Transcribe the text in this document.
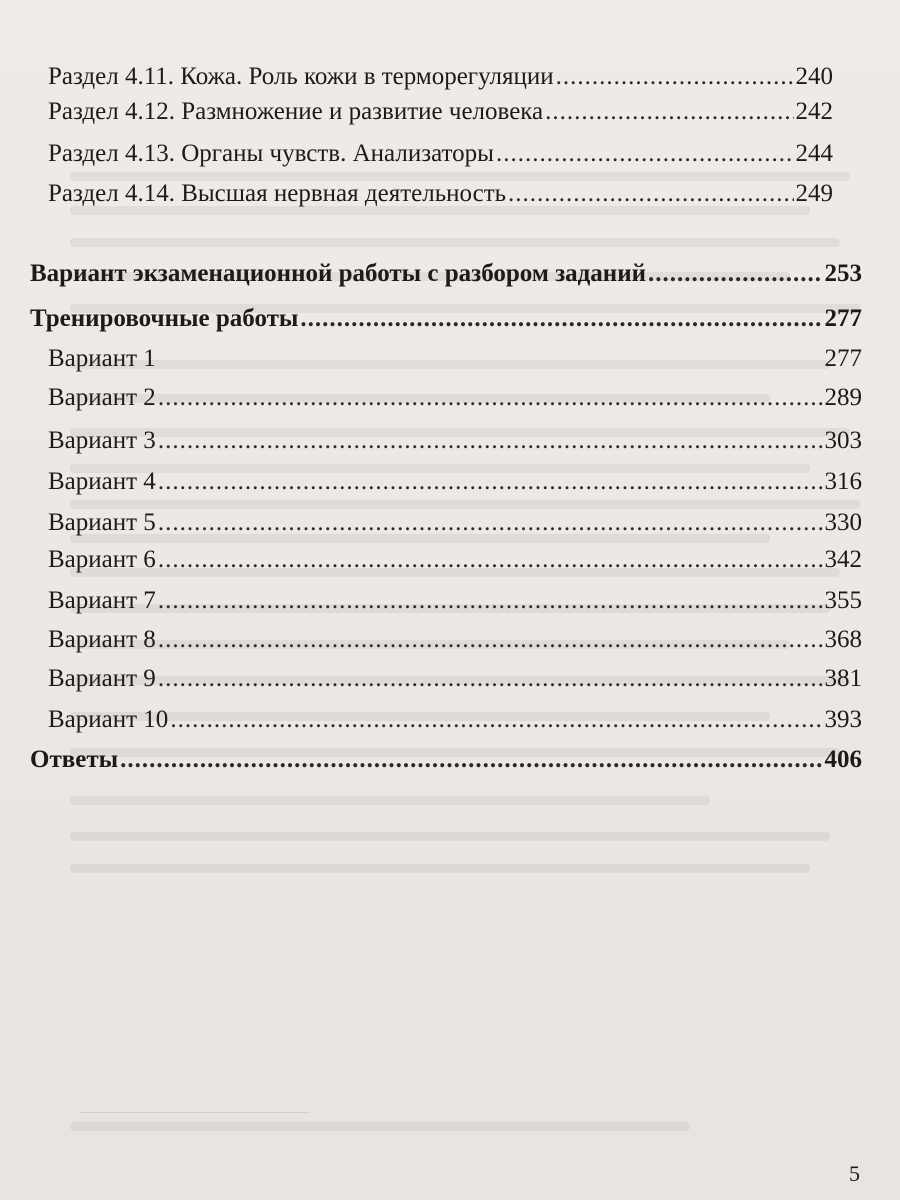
Раздел 4.11. Кожа. Роль кожи в терморегуляции .....	240
Раздел 4.12. Размножение и развитие человека .....	242
Раздел 4.13. Органы чувств. Анализаторы .....	244
Раздел 4.14. Высшая нервная деятельность .....	249
Вариант экзаменационной работы с разбором заданий .....	253
Тренировочные работы .....	277
Вариант 1	277
Вариант 2 .....	289
Вариант 3 .....	303
Вариант 4 .....	316
Вариант 5 .....	330
Вариант 6 .....	342
Вариант 7 .....	355
Вариант 8 .....	368
Вариант 9 .....	381
Вариант 10 .....	393
Ответы .....	406
5
